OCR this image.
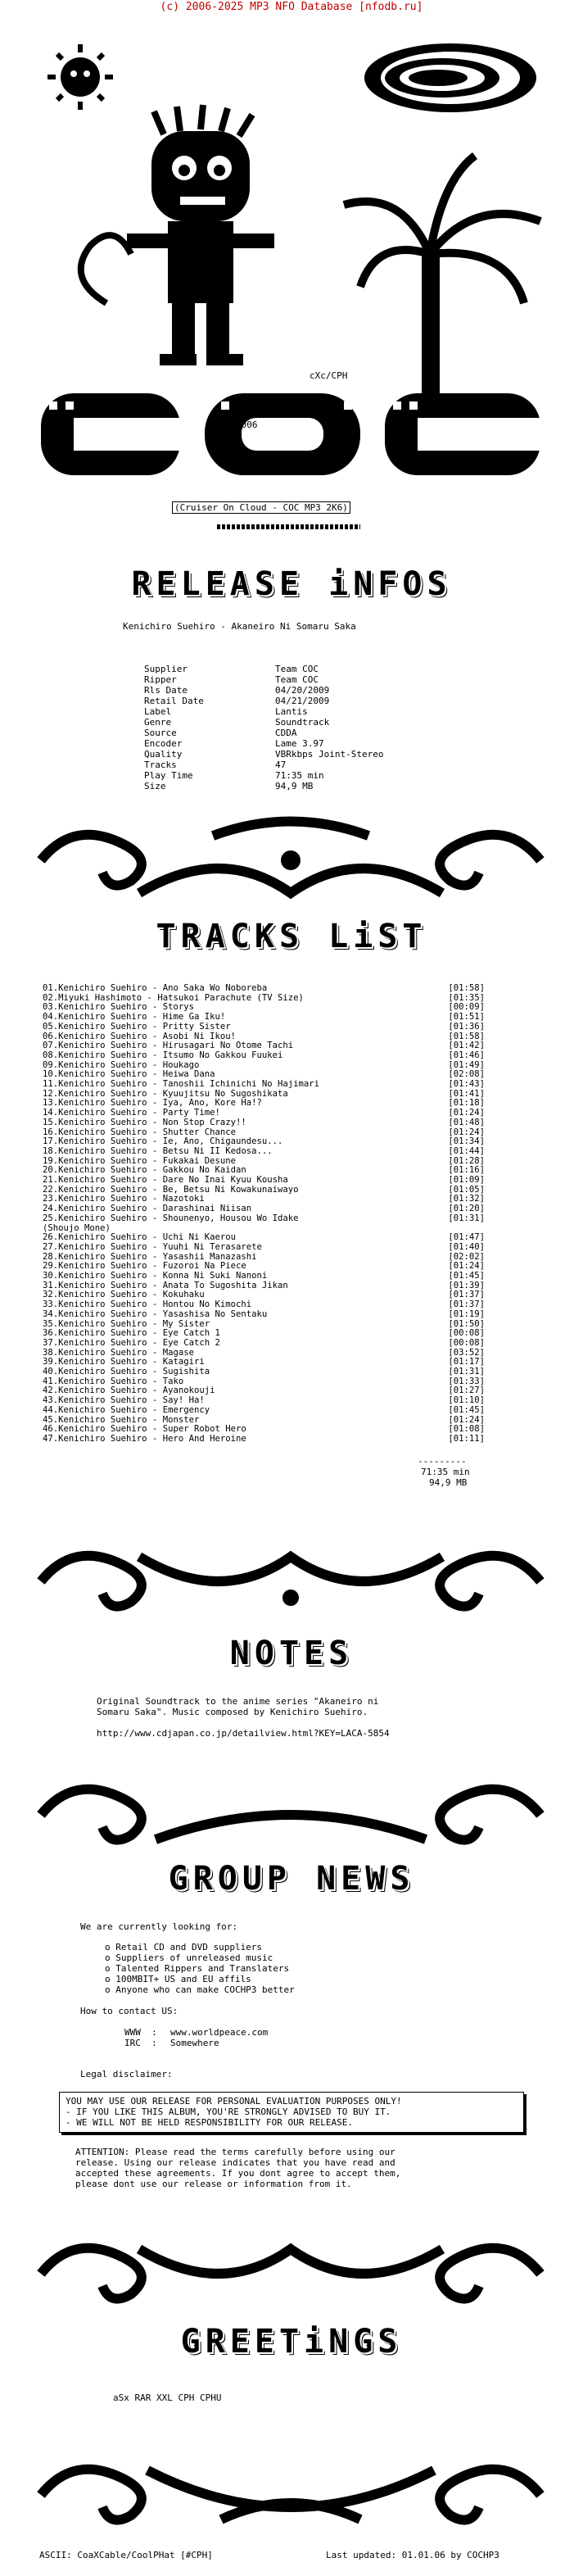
(c) 2006-2025 MP3 NFO Database [nfodb.ru]
cXc/CPH
2006
(Cruiser On Cloud - COC MP3 2K6)
RELEASE iNFOS
Kenichiro Suehiro - Akaneiro Ni Somaru Saka
Supplier	Team COC
Ripper	Team COC
Rls Date	04/20/2009
Retail Date	04/21/2009
Label	Lantis
Genre	Soundtrack
Source	CDDA
Encoder	Lame 3.97
Quality	VBRkbps Joint-Stereo
Tracks	47
Play Time	71:35 min
Size	94,9 MB
TRACKS LiST
01.Kenichiro Suehiro - Ano Saka Wo Noboreba	[01:58]
02.Miyuki Hashimoto - Hatsukoi Parachute (TV Size)	[01:35]
03.Kenichiro Suehiro - Storys	[00:09]
04.Kenichiro Suehiro - Hime Ga Iku!	[01:51]
05.Kenichiro Suehiro - Pritty Sister	[01:36]
06.Kenichiro Suehiro - Asobi Ni Ikou!	[01:58]
07.Kenichiro Suehiro - Hirusagari No Otome Tachi	[01:42]
08.Kenichiro Suehiro - Itsumo No Gakkou Fuukei	[01:46]
09.Kenichiro Suehiro - Houkago	[01:49]
10.Kenichiro Suehiro - Heiwa Dana	[02:08]
11.Kenichiro Suehiro - Tanoshii Ichinichi No Hajimari	[01:43]
12.Kenichiro Suehiro - Kyuujitsu No Sugoshikata	[01:41]
13.Kenichiro Suehiro - Iya, Ano, Kore Ha!?	[01:18]
14.Kenichiro Suehiro - Party Time!	[01:24]
15.Kenichiro Suehiro - Non Stop Crazy!!	[01:48]
16.Kenichiro Suehiro - Shutter Chance	[01:24]
17.Kenichiro Suehiro - Ie, Ano, Chigaundesu...	[01:34]
18.Kenichiro Suehiro - Betsu Ni II Kedosa...	[01:44]
19.Kenichiro Suehiro - Fukakai Desune	[01:28]
20.Kenichiro Suehiro - Gakkou No Kaidan	[01:16]
21.Kenichiro Suehiro - Dare No Inai Kyuu Kousha	[01:09]
22.Kenichiro Suehiro - Be, Betsu Ni Kowakunaiwayo	[01:05]
23.Kenichiro Suehiro - Nazotoki	[01:32]
24.Kenichiro Suehiro - Darashinai Niisan	[01:20]
25.Kenichiro Suehiro - Shounenyo, Housou Wo Idake	[01:31]
(Shoujo Mone)
26.Kenichiro Suehiro - Uchi Ni Kaerou	[01:47]
27.Kenichiro Suehiro - Yuuhi Ni Terasarete	[01:40]
28.Kenichiro Suehiro - Yasashii Manazashi	[02:02]
29.Kenichiro Suehiro - Fuzoroi Na Piece	[01:24]
30.Kenichiro Suehiro - Konna Ni Suki Nanoni	[01:45]
31.Kenichiro Suehiro - Anata To Sugoshita Jikan	[01:39]
32.Kenichiro Suehiro - Kokuhaku	[01:37]
33.Kenichiro Suehiro - Hontou No Kimochi	[01:37]
34.Kenichiro Suehiro - Yasashisa No Sentaku	[01:19]
35.Kenichiro Suehiro - My Sister	[01:50]
36.Kenichiro Suehiro - Eye Catch 1	[00:08]
37.Kenichiro Suehiro - Eye Catch 2	[00:08]
38.Kenichiro Suehiro - Magase	[03:52]
39.Kenichiro Suehiro - Katagiri	[01:17]
40.Kenichiro Suehiro - Sugishita	[01:31]
41.Kenichiro Suehiro - Tako	[01:33]
42.Kenichiro Suehiro - Ayanokouji	[01:27]
43.Kenichiro Suehiro - Say! Ha!	[01:10]
44.Kenichiro Suehiro - Emergency	[01:45]
45.Kenichiro Suehiro - Monster	[01:24]
46.Kenichiro Suehiro - Super Robot Hero	[01:08]
47.Kenichiro Suehiro - Hero And Heroine	[01:11]
---------
71:35 min
94,9 MB
NOTES
Original Soundtrack to the anime series "Akaneiro ni
Somaru Saka". Music composed by Kenichiro Suehiro.
http://www.cdjapan.co.jp/detailview.html?KEY=LACA-5854
GROUP NEWS
We are currently looking for:
o Retail CD and DVD suppliers
o Suppliers of unreleased music
o Talented Rippers and Translaters
o 100MBIT+ US and EU affils
o Anyone who can make COCHP3 better
How to contact US:
WWW  : www.worldpeace.com
IRC  : Somewhere
Legal disclaimer:
YOU MAY USE OUR RELEASE FOR PERSONAL EVALUATION PURPOSES ONLY!
- IF YOU LIKE THIS ALBUM, YOU'RE STRONGLY ADVISED TO BUY IT.
- WE WILL NOT BE HELD RESPONSIBILITY FOR OUR RELEASE.
ATTENTION: Please read the terms carefully before using our
release. Using our release indicates that you have read and
accepted these agreements. If you dont agree to accept them,
please dont use our release or information from it.
GREETiNGS
aSx RAR XXL CPH CPHU
ASCII: CoaXCable/CoolPHat [#CPH]	Last updated: 01.01.06 by COCHP3
